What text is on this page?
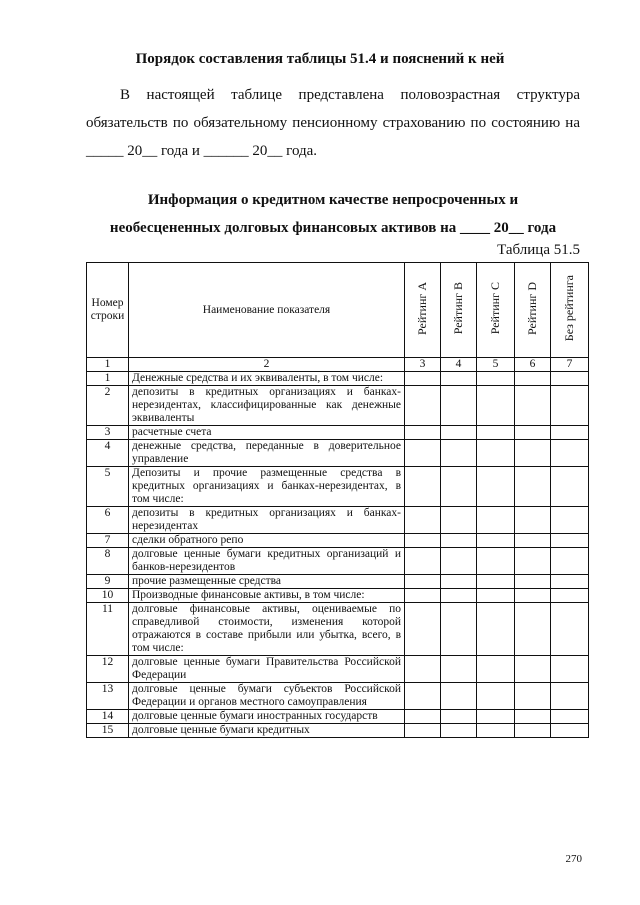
Порядок составления таблицы 51.4 и пояснений к ней
В настоящей таблице представлена половозрастная структура
обязательств по обязательному пенсионному страхованию по состоянию на
_____ 20__ года и ______ 20__ года.
Информация о кредитном качестве непросроченных и
необесцененных долговых финансовых активов на ____ 20__ года
Таблица 51.5
Номер строки	Наименование показателя	Рейтинг A	Рейтинг B	Рейтинг C	Рейтинг D	Без рейтинга
1	2	3	4	5	6	7
1	Денежные средства и их эквиваленты, в том числе:					
2	депозиты в кредитных организациях и банках-нерезидентах, классифицированные как денежные эквиваленты					
3	расчетные счета					
4	денежные средства, переданные в доверительное управление					
5	Депозиты и прочие размещенные средства в кредитных организациях и банках-нерезидентах, в том числе:					
6	депозиты в кредитных организациях и банках-нерезидентах					
7	сделки обратного репо					
8	долговые ценные бумаги кредитных организаций и банков-нерезидентов					
9	прочие размещенные средства					
10	Производные финансовые активы, в том числе:					
11	долговые финансовые активы, оцениваемые по справедливой стоимости, изменения которой отражаются в составе прибыли или убытка, всего, в том числе:					
12	долговые ценные бумаги Правительства Российской Федерации					
13	долговые ценные бумаги субъектов Российской Федерации и органов местного самоуправления					
14	долговые ценные бумаги иностранных государств					
15	долговые ценные бумаги кредитных					
270
